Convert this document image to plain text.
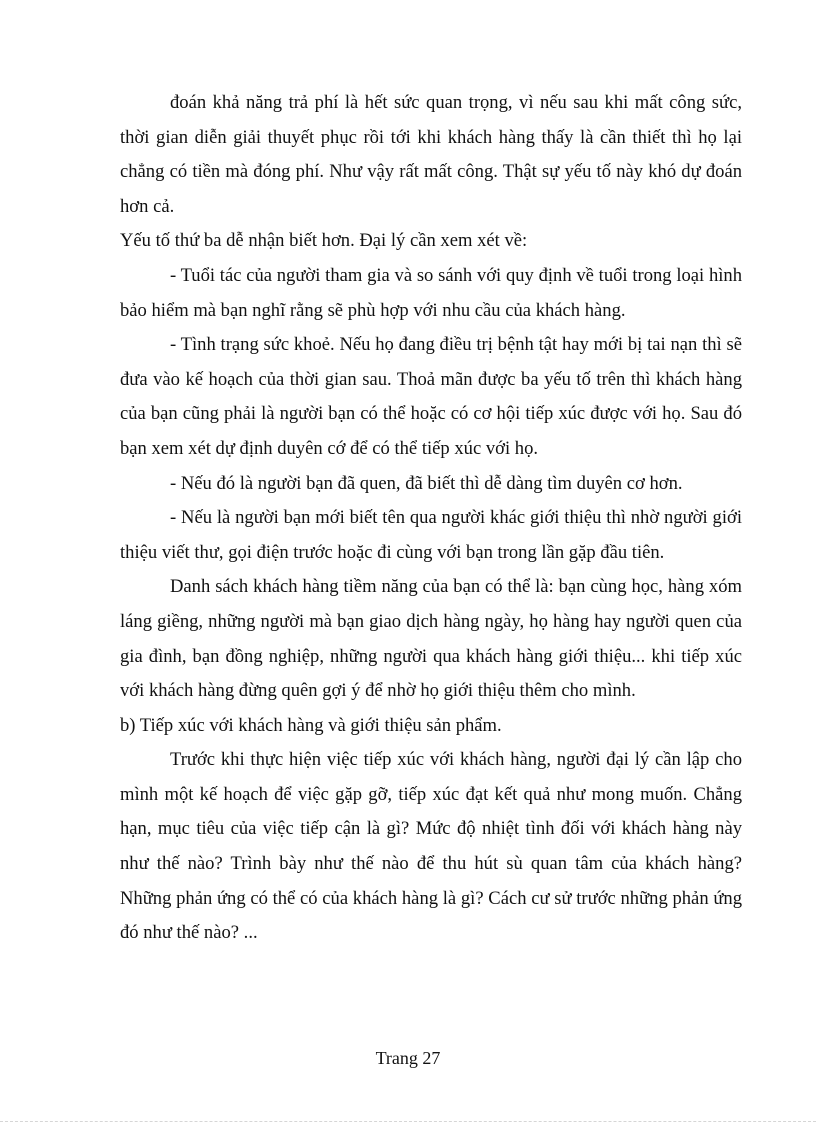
đoán khả năng trả phí là hết sức quan trọng, vì nếu sau khi mất công sức, thời gian diễn giải thuyết phục rồi tới khi khách hàng thấy là cần thiết thì họ lại chẳng có tiền mà đóng phí. Như vậy rất mất công. Thật sự yếu tố này khó dự đoán hơn cả.

Yếu tố thứ ba dễ nhận biết hơn. Đại lý cần xem xét về:

- Tuổi tác của người tham gia và so sánh với quy định về tuổi trong loại hình bảo hiểm mà bạn nghĩ rằng sẽ phù hợp với nhu cầu của khách hàng.

- Tình trạng sức khoẻ. Nếu họ đang điều trị bệnh tật hay mới bị tai nạn thì sẽ đưa vào kế hoạch của thời gian sau. Thoả mãn được ba yếu tố trên thì khách hàng của bạn cũng phải là người bạn có thể hoặc có cơ hội tiếp xúc được với họ. Sau đó bạn xem xét dự định duyên cớ để có thể tiếp xúc với họ.

- Nếu đó là người bạn đã quen, đã biết thì dễ dàng tìm duyên cơ hơn.

- Nếu là người bạn mới biết tên qua người khác giới thiệu thì nhờ người giới thiệu viết thư, gọi điện trước hoặc đi cùng với bạn trong lần gặp đầu tiên.

Danh sách khách hàng tiềm năng của bạn có thể là: bạn cùng học, hàng xóm láng giềng, những người mà bạn giao dịch hàng ngày, họ hàng hay người quen của gia đình, bạn đồng nghiệp, những người qua khách hàng giới thiệu... khi tiếp xúc với khách hàng đừng quên gợi ý để nhờ họ giới thiệu thêm cho mình.

b) Tiếp xúc với khách hàng và giới thiệu sản phẩm.

Trước khi thực hiện việc tiếp xúc với khách hàng, người đại lý cần lập cho mình một kế hoạch để việc gặp gỡ, tiếp xúc đạt kết quả như mong muốn. Chẳng hạn, mục tiêu của việc tiếp cận là gì? Mức độ nhiệt tình đối với khách hàng này như thế nào? Trình bày như thế nào để thu hút sù quan tâm của khách hàng? Những phản ứng có thể có của khách hàng là gì? Cách cư sử trước những phản ứng đó như thế nào? ...

Trang 27
